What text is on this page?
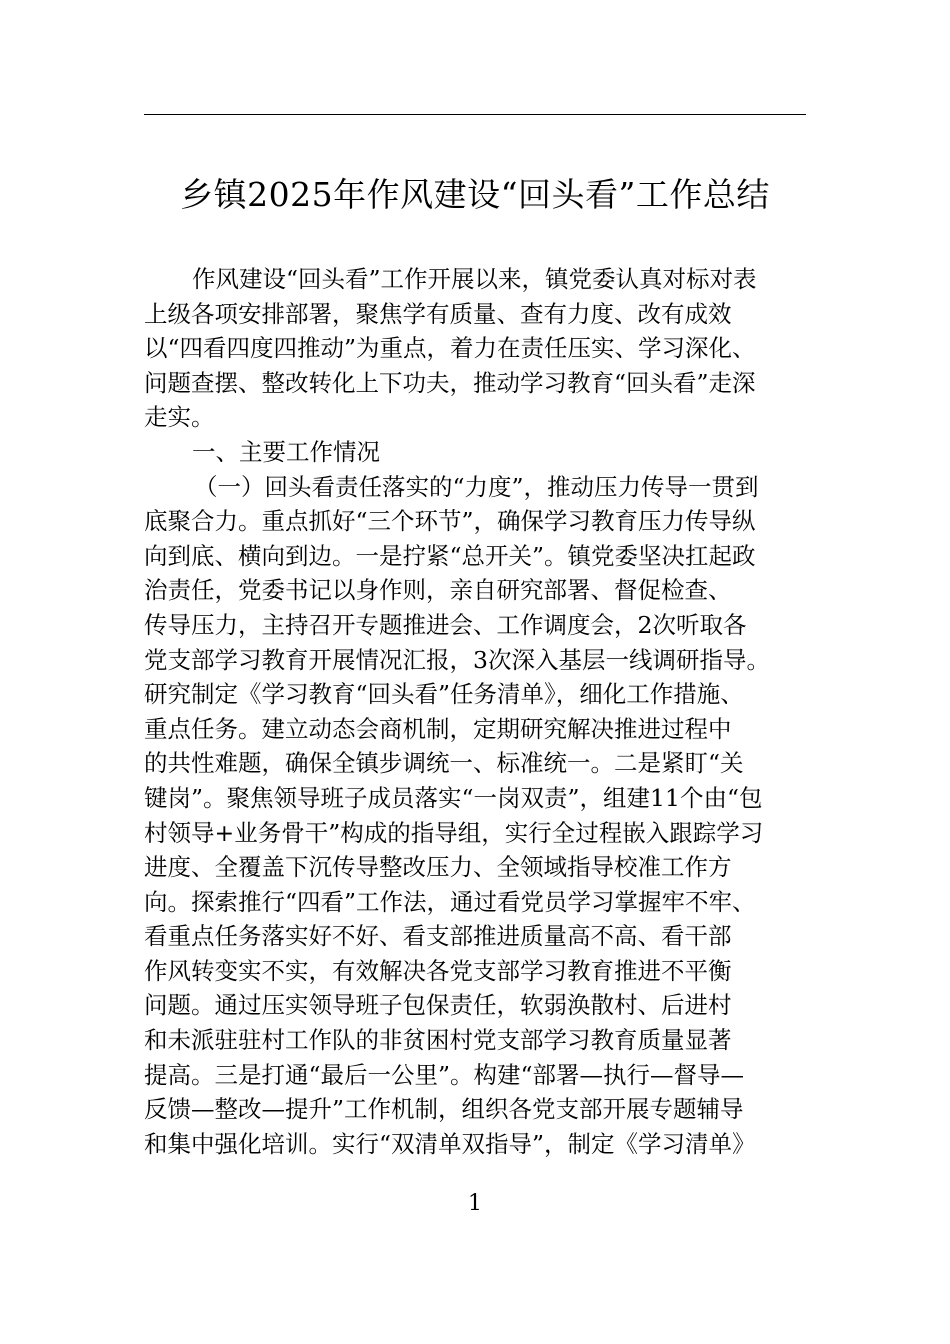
乡镇2025年作风建设“回头看”工作总结
作风建设“回头看”工作开展以来，镇党委认真对标对表
上级各项安排部署，聚焦学有质量、查有力度、改有成效
以“四看四度四推动”为重点，着力在责任压实、学习深化、
问题查摆、整改转化上下功夫，推动学习教育“回头看”走深
走实。
一、主要工作情况
（一）回头看责任落实的“力度”，推动压力传导一贯到
底聚合力。重点抓好“三个环节”，确保学习教育压力传导纵
向到底、横向到边。一是拧紧“总开关”。镇党委坚决扛起政
治责任，党委书记以身作则，亲自研究部署、督促检查、
传导压力，主持召开专题推进会、工作调度会，2次听取各
党支部学习教育开展情况汇报，3次深入基层一线调研指导。
研究制定《学习教育“回头看”任务清单》，细化工作措施、
重点任务。建立动态会商机制，定期研究解决推进过程中
的共性难题，确保全镇步调统一、标准统一。二是紧盯“关
键岗”。聚焦领导班子成员落实“一岗双责”，组建11个由“包
村领导+业务骨干”构成的指导组，实行全过程嵌入跟踪学习
进度、全覆盖下沉传导整改压力、全领域指导校准工作方
向。探索推行“四看”工作法，通过看党员学习掌握牢不牢、
看重点任务落实好不好、看支部推进质量高不高、看干部
作风转变实不实，有效解决各党支部学习教育推进不平衡
问题。通过压实领导班子包保责任，软弱涣散村、后进村
和未派驻驻村工作队的非贫困村党支部学习教育质量显著
提高。三是打通“最后一公里”。构建“部署—执行—督导—
反馈—整改—提升”工作机制，组织各党支部开展专题辅导
和集中强化培训。实行“双清单双指导”，制定《学习清单》
1
